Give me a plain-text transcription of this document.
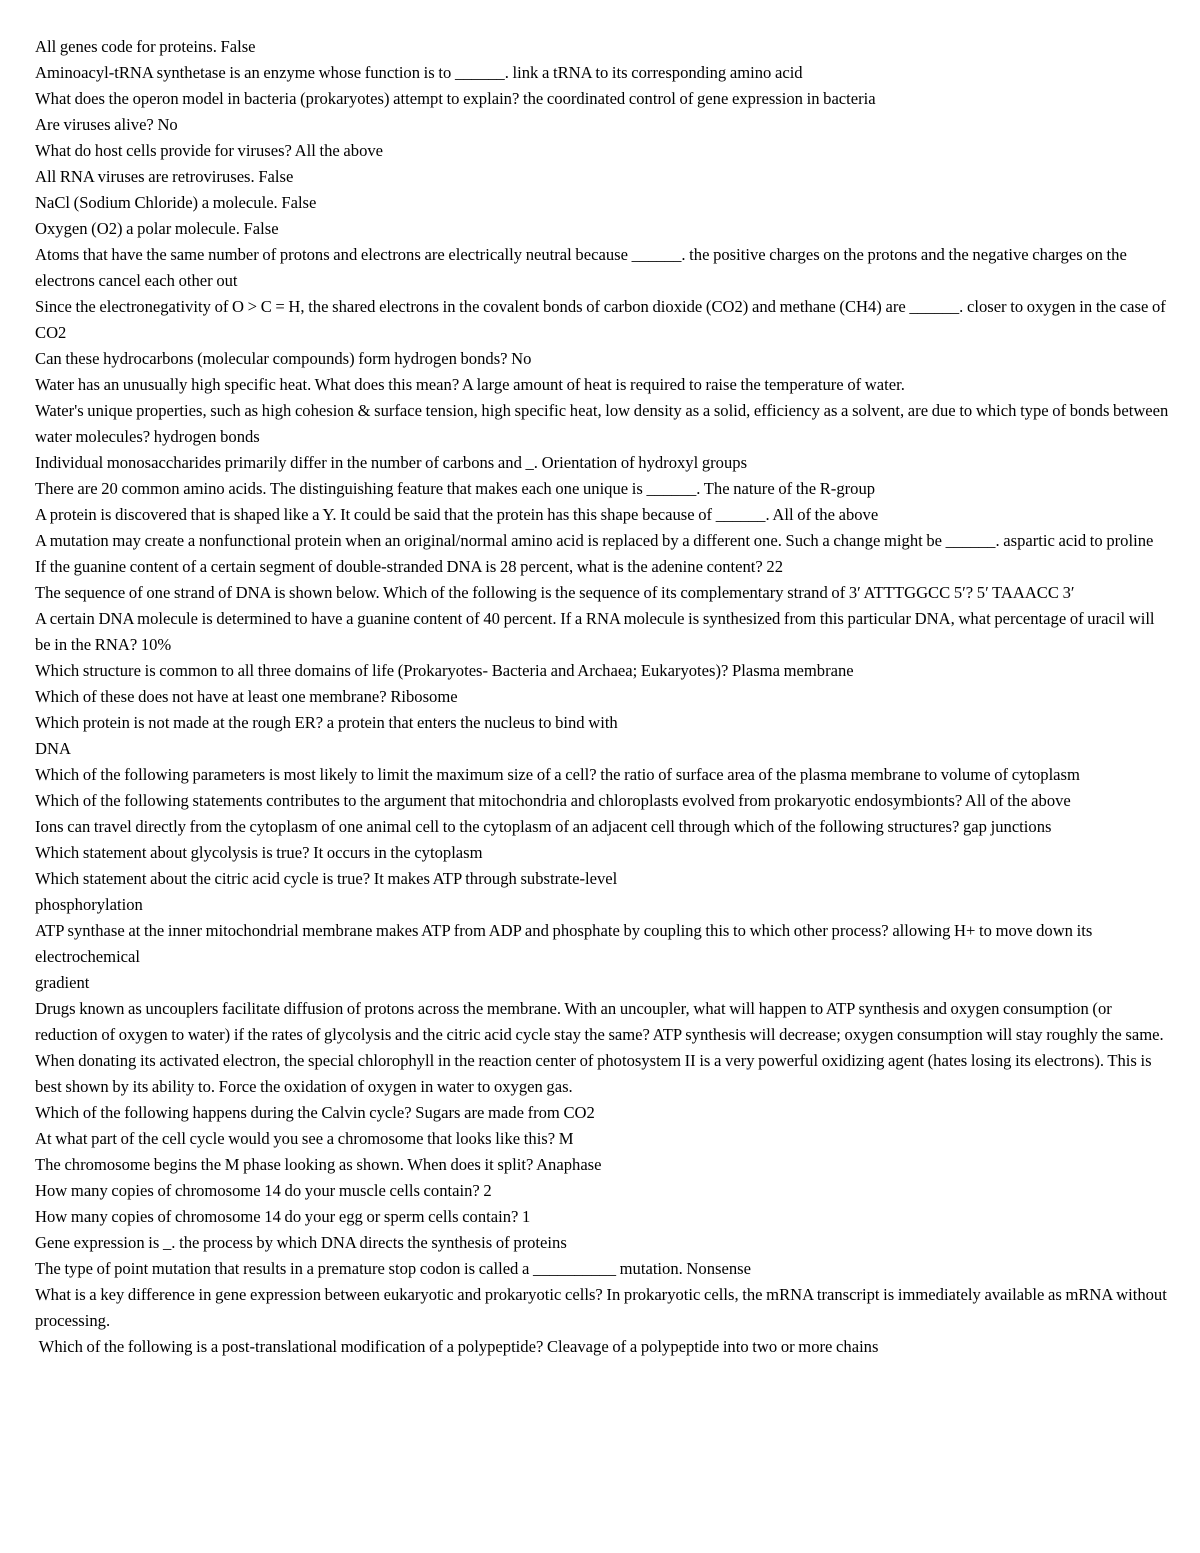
All genes code for proteins. False
Aminoacyl-tRNA synthetase is an enzyme whose function is to ______. link a tRNA to its corresponding amino acid
What does the operon model in bacteria (prokaryotes) attempt to explain? the coordinated control of gene expression in bacteria
Are viruses alive? No
What do host cells provide for viruses? All the above
All RNA viruses are retroviruses. False
NaCl (Sodium Chloride) a molecule. False
Oxygen (O2) a polar molecule. False
Atoms that have the same number of protons and electrons are electrically neutral because ______. the positive charges on the protons and the negative charges on the electrons cancel each other out
Since the electronegativity of O > C = H, the shared electrons in the covalent bonds of carbon dioxide (CO2) and methane (CH4) are ______. closer to oxygen in the case of CO2
Can these hydrocarbons (molecular compounds) form hydrogen bonds? No
Water has an unusually high specific heat. What does this mean? A large amount of heat is required to raise the temperature of water.
Water's unique properties, such as high cohesion & surface tension, high specific heat, low density as a solid, efficiency as a solvent, are due to which type of bonds between water molecules? hydrogen bonds
Individual monosaccharides primarily differ in the number of carbons and _. Orientation of hydroxyl groups
There are 20 common amino acids. The distinguishing feature that makes each one unique is ______. The nature of the R-group
A protein is discovered that is shaped like a Y. It could be said that the protein has this shape because of ______. All of the above
A mutation may create a nonfunctional protein when an original/normal amino acid is replaced by a different one. Such a change might be ______. aspartic acid to proline
If the guanine content of a certain segment of double-stranded DNA is 28 percent, what is the adenine content? 22
The sequence of one strand of DNA is shown below. Which of the following is the sequence of its complementary strand of 3′ ATTTGGCC 5′? 5′ TAAACC 3′
A certain DNA molecule is determined to have a guanine content of 40 percent. If a RNA molecule is synthesized from this particular DNA, what percentage of uracil will be in the RNA? 10%
Which structure is common to all three domains of life (Prokaryotes- Bacteria and Archaea; Eukaryotes)? Plasma membrane
Which of these does not have at least one membrane? Ribosome
Which protein is not made at the rough ER? a protein that enters the nucleus to bind with
DNA
Which of the following parameters is most likely to limit the maximum size of a cell? the ratio of surface area of the plasma membrane to volume of cytoplasm
Which of the following statements contributes to the argument that mitochondria and chloroplasts evolved from prokaryotic endosymbionts? All of the above
Ions can travel directly from the cytoplasm of one animal cell to the cytoplasm of an adjacent cell through which of the following structures? gap junctions
Which statement about glycolysis is true? It occurs in the cytoplasm
Which statement about the citric acid cycle is true? It makes ATP through substrate-level
phosphorylation
ATP synthase at the inner mitochondrial membrane makes ATP from ADP and phosphate by coupling this to which other process? allowing H+ to move down its electrochemical
gradient
Drugs known as uncouplers facilitate diffusion of protons across the membrane. With an uncoupler, what will happen to ATP synthesis and oxygen consumption (or reduction of oxygen to water) if the rates of glycolysis and the citric acid cycle stay the same? ATP synthesis will decrease; oxygen consumption will stay roughly the same.
When donating its activated electron, the special chlorophyll in the reaction center of photosystem II is a very powerful oxidizing agent (hates losing its electrons). This is best shown by its ability to. Force the oxidation of oxygen in water to oxygen gas.
Which of the following happens during the Calvin cycle? Sugars are made from CO2
At what part of the cell cycle would you see a chromosome that looks like this? M
The chromosome begins the M phase looking as shown. When does it split? Anaphase
How many copies of chromosome 14 do your muscle cells contain? 2
How many copies of chromosome 14 do your egg or sperm cells contain? 1
Gene expression is _. the process by which DNA directs the synthesis of proteins
The type of point mutation that results in a premature stop codon is called a __________ mutation. Nonsense
What is a key difference in gene expression between eukaryotic and prokaryotic cells? In prokaryotic cells, the mRNA transcript is immediately available as mRNA without processing.
Which of the following is a post-translational modification of a polypeptide? Cleavage of a polypeptide into two or more chains
